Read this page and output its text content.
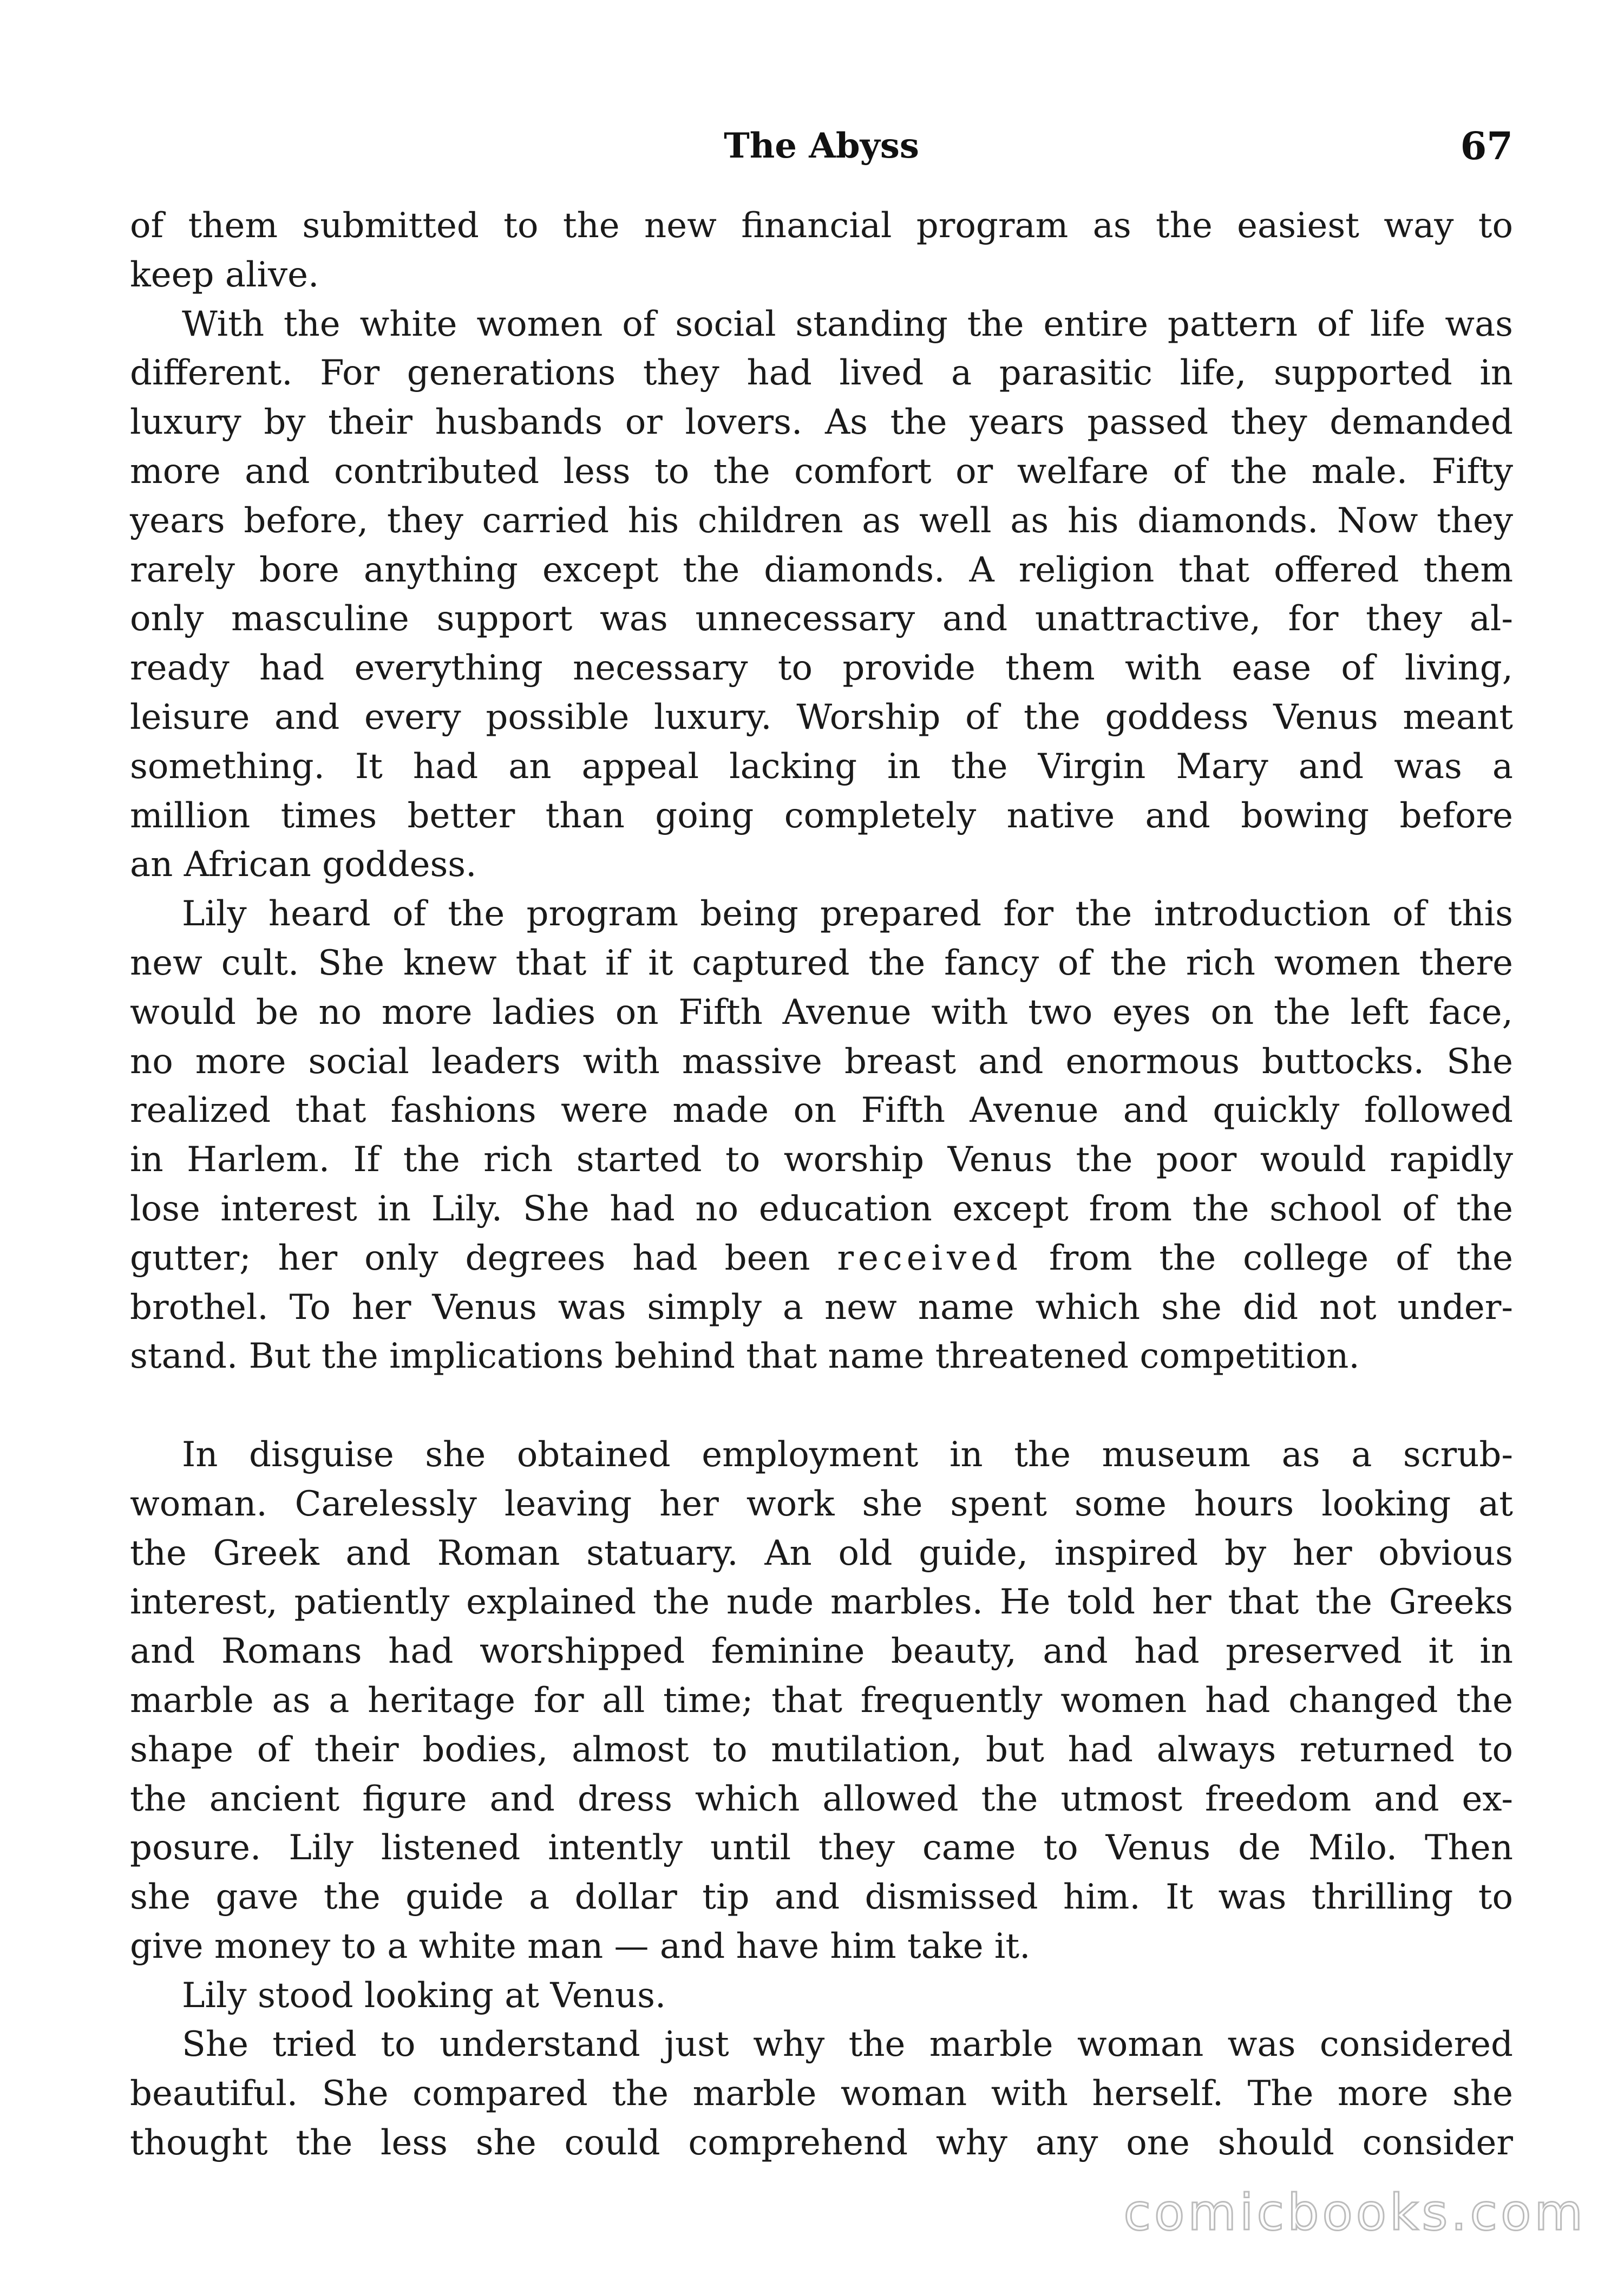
The Abyss	67
of them submitted to the new financial program as the easiest way to
keep alive.
With the white women of social standing the entire pattern of life was
different. For generations they had lived a parasitic life, supported in
luxury by their husbands or lovers. As the years passed they demanded
more and contributed less to the comfort or welfare of the male. Fifty
years before, they carried his children as well as his diamonds. Now they
rarely bore anything except the diamonds. A religion that offered them
only masculine support was unnecessary and unattractive, for they al-
ready had everything necessary to provide them with ease of living,
leisure and every possible luxury. Worship of the goddess Venus meant
something. It had an appeal lacking in the Virgin Mary and was a
million times better than going completely native and bowing before
an African goddess.
Lily heard of the program being prepared for the introduction of this
new cult. She knew that if it captured the fancy of the rich women there
would be no more ladies on Fifth Avenue with two eyes on the left face,
no more social leaders with massive breast and enormous buttocks. She
realized that fashions were made on Fifth Avenue and quickly followed
in Harlem. If the rich started to worship Venus the poor would rapidly
lose interest in Lily. She had no education except from the school of the
gutter; her only degrees had been received from the college of the
brothel. To her Venus was simply a new name which she did not under-
stand. But the implications behind that name threatened competition.
In disguise she obtained employment in the museum as a scrub-
woman. Carelessly leaving her work she spent some hours looking at
the Greek and Roman statuary. An old guide, inspired by her obvious
interest, patiently explained the nude marbles. He told her that the Greeks
and Romans had worshipped feminine beauty, and had preserved it in
marble as a heritage for all time; that frequently women had changed the
shape of their bodies, almost to mutilation, but had always returned to
the ancient figure and dress which allowed the utmost freedom and ex-
posure. Lily listened intently until they came to Venus de Milo. Then
she gave the guide a dollar tip and dismissed him. It was thrilling to
give money to a white man — and have him take it.
Lily stood looking at Venus.
She tried to understand just why the marble woman was considered
beautiful. She compared the marble woman with herself. The more she
thought the less she could comprehend why any one should consider
comicbooks.com
